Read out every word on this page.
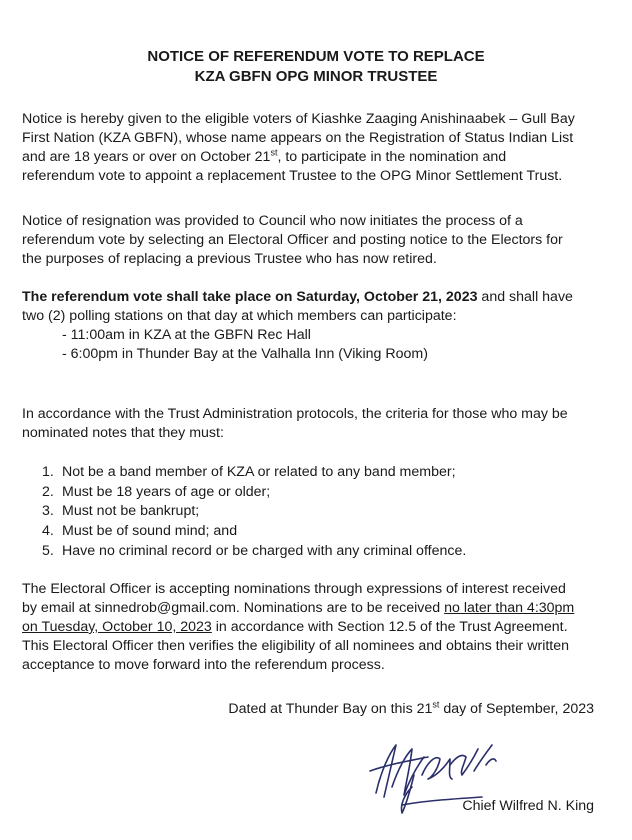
NOTICE OF REFERENDUM VOTE TO REPLACE
KZA GBFN OPG MINOR TRUSTEE
Notice is hereby given to the eligible voters of Kiashke Zaaging Anishinaabek – Gull Bay
First Nation (KZA GBFN), whose name appears on the Registration of Status Indian List
and are 18 years or over on October 21st, to participate in the nomination and
referendum vote to appoint a replacement Trustee to the OPG Minor Settlement Trust.
Notice of resignation was provided to Council who now initiates the process of a
referendum vote by selecting an Electoral Officer and posting notice to the Electors for
the purposes of replacing a previous Trustee who has now retired.
The referendum vote shall take place on Saturday, October 21, 2023 and shall have
two (2) polling stations on that day at which members can participate:
- 11:00am in KZA at the GBFN Rec Hall
- 6:00pm in Thunder Bay at the Valhalla Inn (Viking Room)
In accordance with the Trust Administration protocols, the criteria for those who may be
nominated notes that they must:
1. Not be a band member of KZA or related to any band member;
2. Must be 18 years of age or older;
3. Must not be bankrupt;
4. Must be of sound mind; and
5. Have no criminal record or be charged with any criminal offence.
The Electoral Officer is accepting nominations through expressions of interest received
by email at sinnedrob@gmail.com. Nominations are to be received no later than 4:30pm
on Tuesday, October 10, 2023 in accordance with Section 12.5 of the Trust Agreement.
This Electoral Officer then verifies the eligibility of all nominees and obtains their written
acceptance to move forward into the referendum process.
Dated at Thunder Bay on this 21st day of September, 2023
Chief Wilfred N. King
